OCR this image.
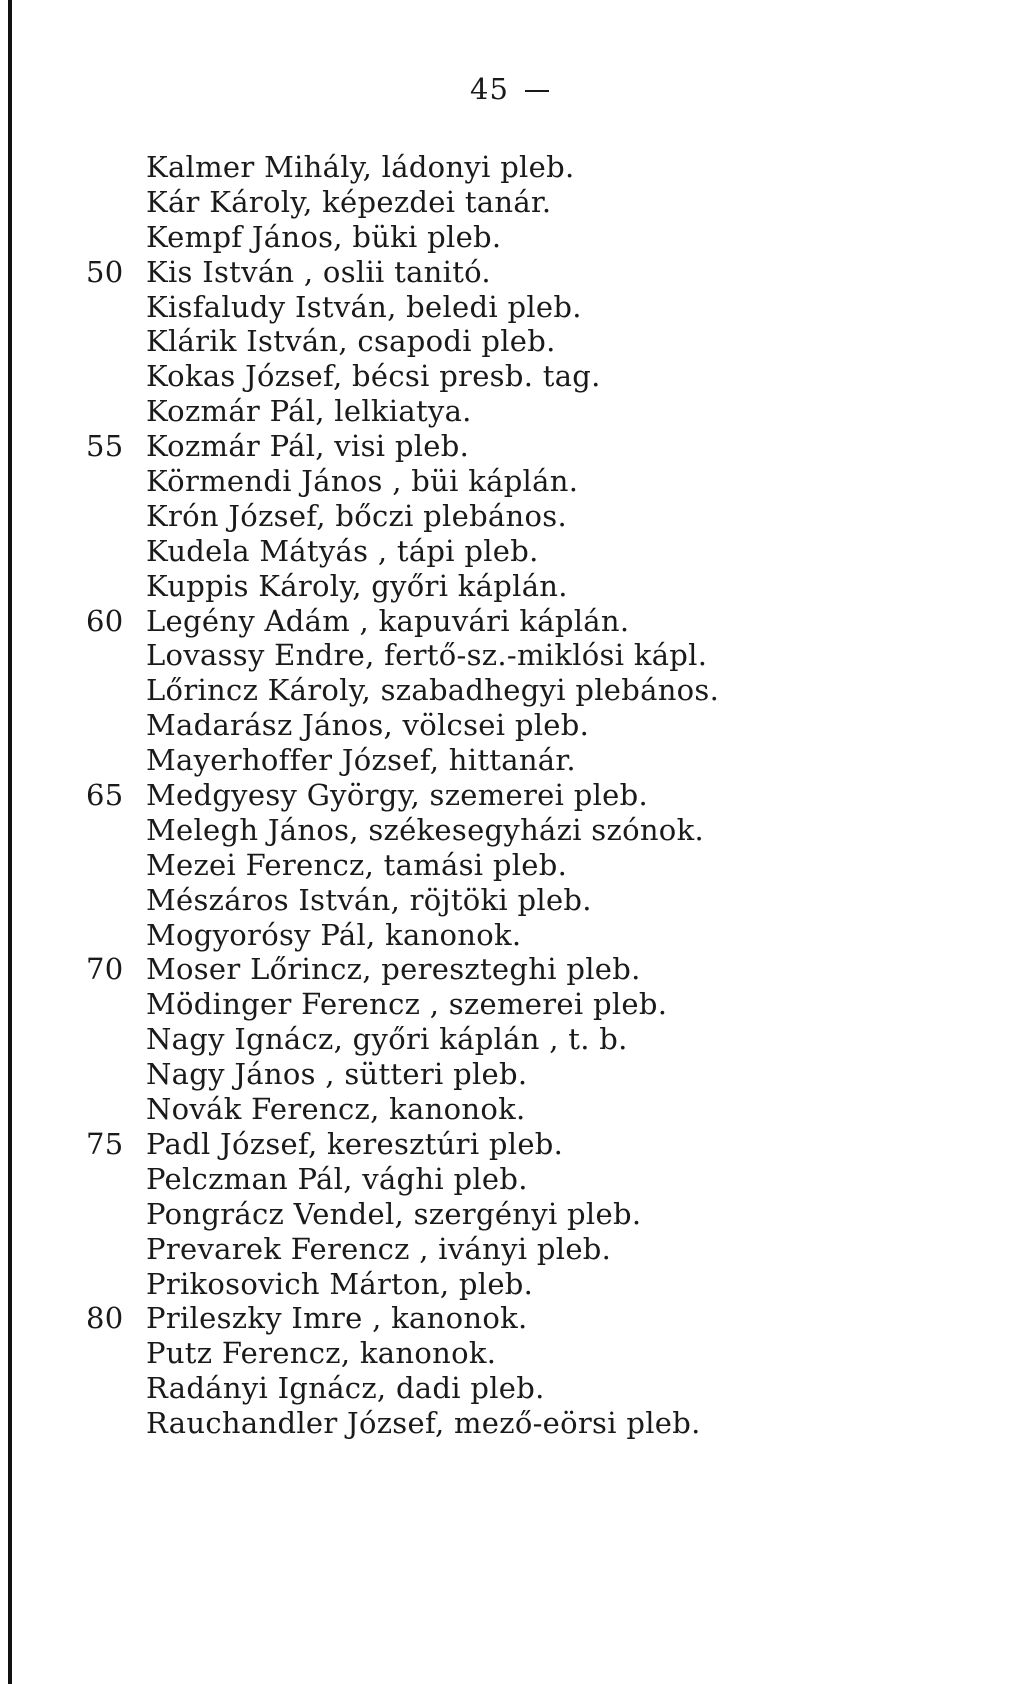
45
Kalmer Mihály, ládonyi pleb.
Kár Károly, képezdei tanár.
Kempf János, büki pleb.
50 Kis István , oslii tanitó.
Kisfaludy István, beledi pleb.
Klárik István, csapodi pleb.
Kokas József, bécsi presb. tag.
Kozmár Pál, lelkiatya.
55 Kozmár Pál, visi pleb.
Körmendi János , büi káplán.
Krón József, bőczi plebános.
Kudela Mátyás , tápi pleb.
Kuppis Károly, győri káplán.
60 Legény Adám , kapuvári káplán.
Lovassy Endre, fertő-sz.-miklósi kápl.
Lőrincz Károly, szabadhegyi plebános.
Madarász János, völcsei pleb.
Mayerhoffer József, hittanár.
65 Medgyesy György, szemerei pleb.
Melegh János, székesegyházi szónok.
Mezei Ferencz, tamási pleb.
Mészáros István, röjtöki pleb.
Mogyorósy Pál, kanonok.
70 Moser Lőrincz, pereszteghi pleb.
Mödinger Ferencz , szemerei pleb.
Nagy Ignácz, győri káplán , t. b.
Nagy János , sütteri pleb.
Novák Ferencz, kanonok.
75 Padl József, keresztúri pleb.
Pelczman Pál, vághi pleb.
Pongrácz Vendel, szergényi pleb.
Prevarek Ferencz , iványi pleb.
Prikosovich Márton, pleb.
80 Prileszky Imre , kanonok.
Putz Ferencz, kanonok.
Radányi Ignácz, dadi pleb.
Rauchandler József, mező-eörsi pleb.
